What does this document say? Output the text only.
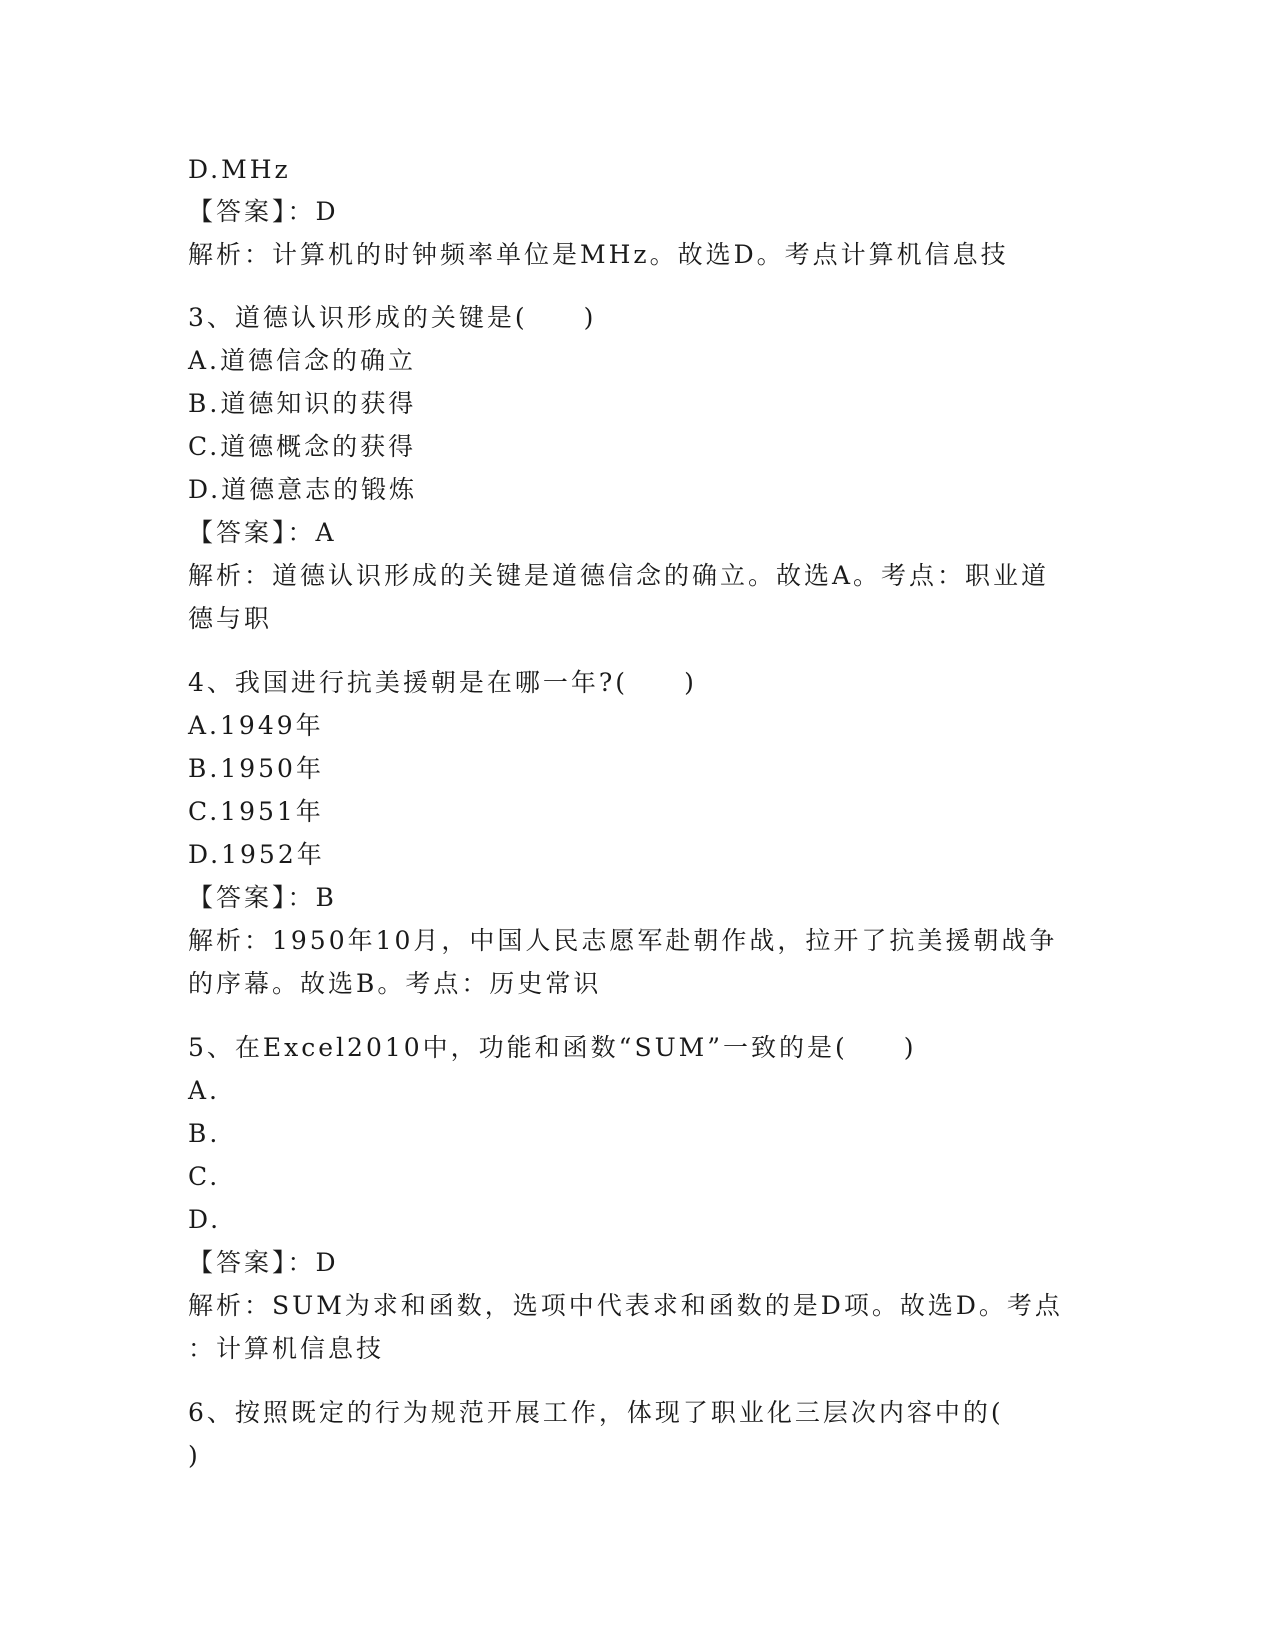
D.MHz
【答案】：D
解析：计算机的时钟频率单位是MHz。故选D。考点计算机信息技
3、道德认识形成的关键是(　　)
A.道德信念的确立
B.道德知识的获得
C.道德概念的获得
D.道德意志的锻炼
【答案】：A
解析：道德认识形成的关键是道德信念的确立。故选A。考点：职业道
德与职
4、我国进行抗美援朝是在哪一年?(　　)
A.1949年
B.1950年
C.1951年
D.1952年
【答案】：B
解析：1950年10月，中国人民志愿军赴朝作战，拉开了抗美援朝战争
的序幕。故选B。考点：历史常识
5、在Excel2010中，功能和函数“SUM”一致的是(　　)
A.
B.
C.
D.
【答案】：D
解析：SUM为求和函数，选项中代表求和函数的是D项。故选D。考点
：计算机信息技
6、按照既定的行为规范开展工作，体现了职业化三层次内容中的(
)
